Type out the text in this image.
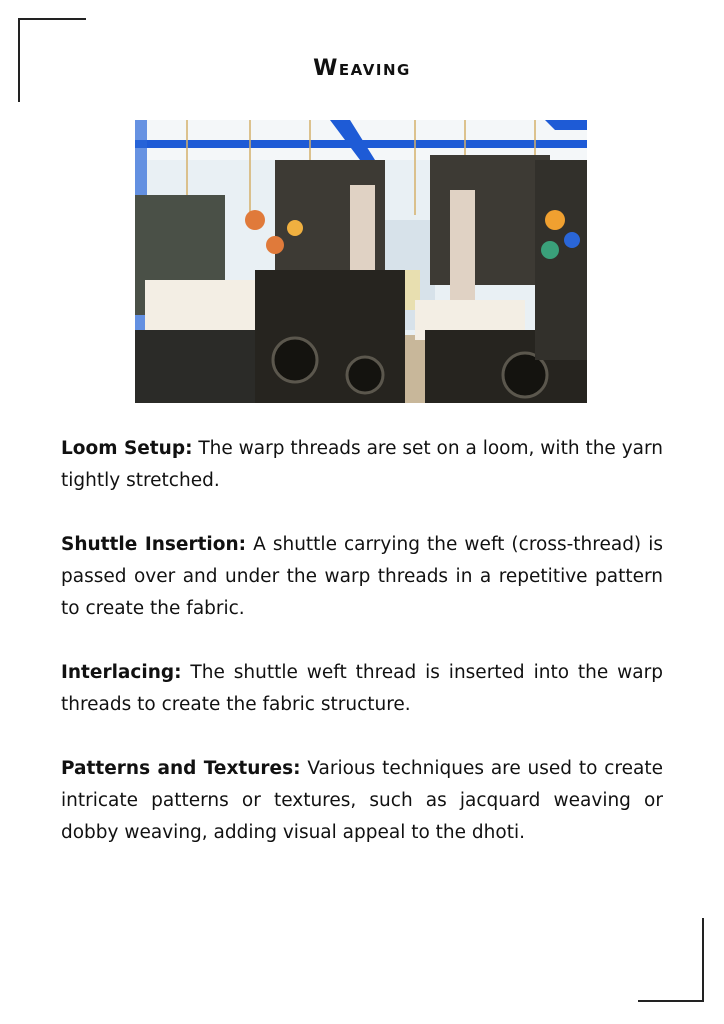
Weaving

Loom Setup: The warp threads are set on a loom, with the yarn tightly stretched.

Shuttle Insertion: A shuttle carrying the weft (cross-thread) is passed over and under the warp threads in a repetitive pattern to create the fabric.

Interlacing: The shuttle weft thread is inserted into the warp threads to create the fabric structure.

Patterns and Textures: Various techniques are used to create intricate patterns or textures, such as jacquard weaving or dobby weaving, adding visual appeal to the dhoti.
